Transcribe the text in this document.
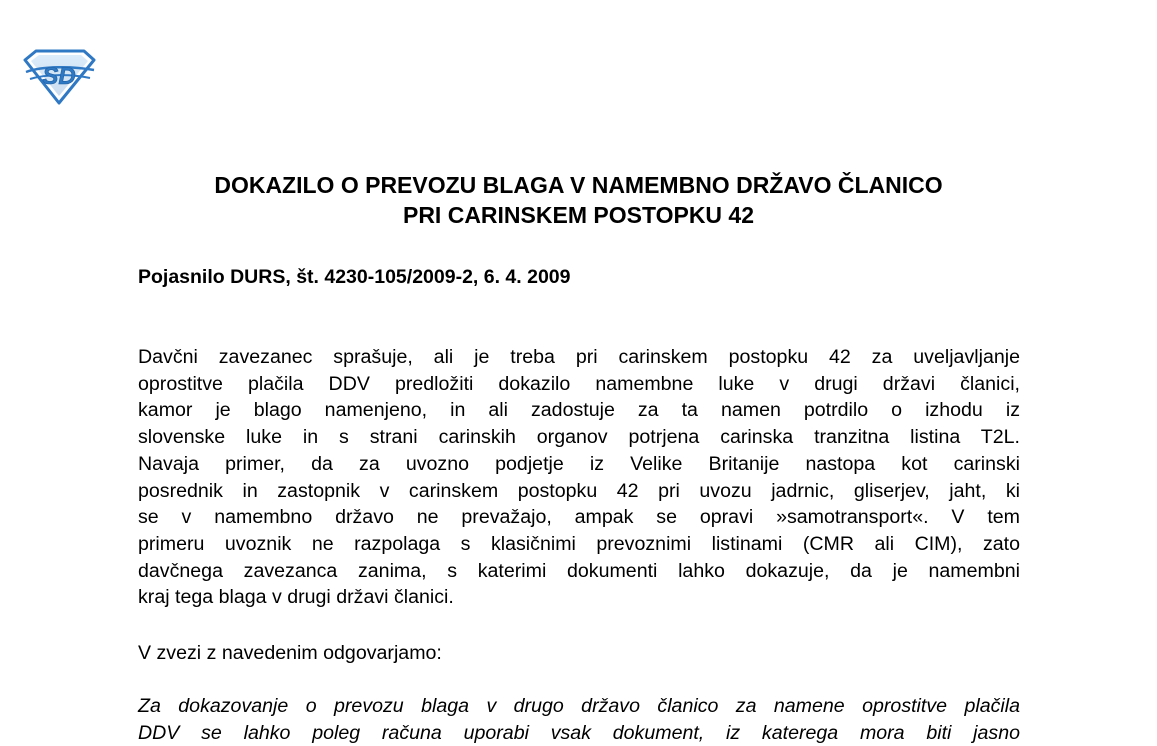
SD
DOKAZILO O PREVOZU BLAGA V NAMEMBNO DRŽAVO ČLANICO
PRI CARINSKEM POSTOPKU 42
Pojasnilo DURS, št. 4230-105/2009-2, 6. 4. 2009
Davčni zavezanec sprašuje, ali je treba pri carinskem postopku 42 za uveljavljanje
oprostitve plačila DDV predložiti dokazilo namembne luke v drugi državi članici,
kamor je blago namenjeno, in ali zadostuje za ta namen potrdilo o izhodu iz
slovenske luke in s strani carinskih organov potrjena carinska tranzitna listina T2L.
Navaja primer, da za uvozno podjetje iz Velike Britanije nastopa kot carinski
posrednik in zastopnik v carinskem postopku 42 pri uvozu jadrnic, gliserjev, jaht, ki
se v namembno državo ne prevažajo, ampak se opravi »samotransport«. V tem
primeru uvoznik ne razpolaga s klasičnimi prevoznimi listinami (CMR ali CIM), zato
davčnega zavezanca zanima, s katerimi dokumenti lahko dokazuje, da je namembni
kraj tega blaga v drugi državi članici.
V zvezi z navedenim odgovarjamo:
Za dokazovanje o prevozu blaga v drugo državo članico za namene oprostitve plačila
DDV se lahko poleg računa uporabi vsak dokument, iz katerega mora biti jasno
